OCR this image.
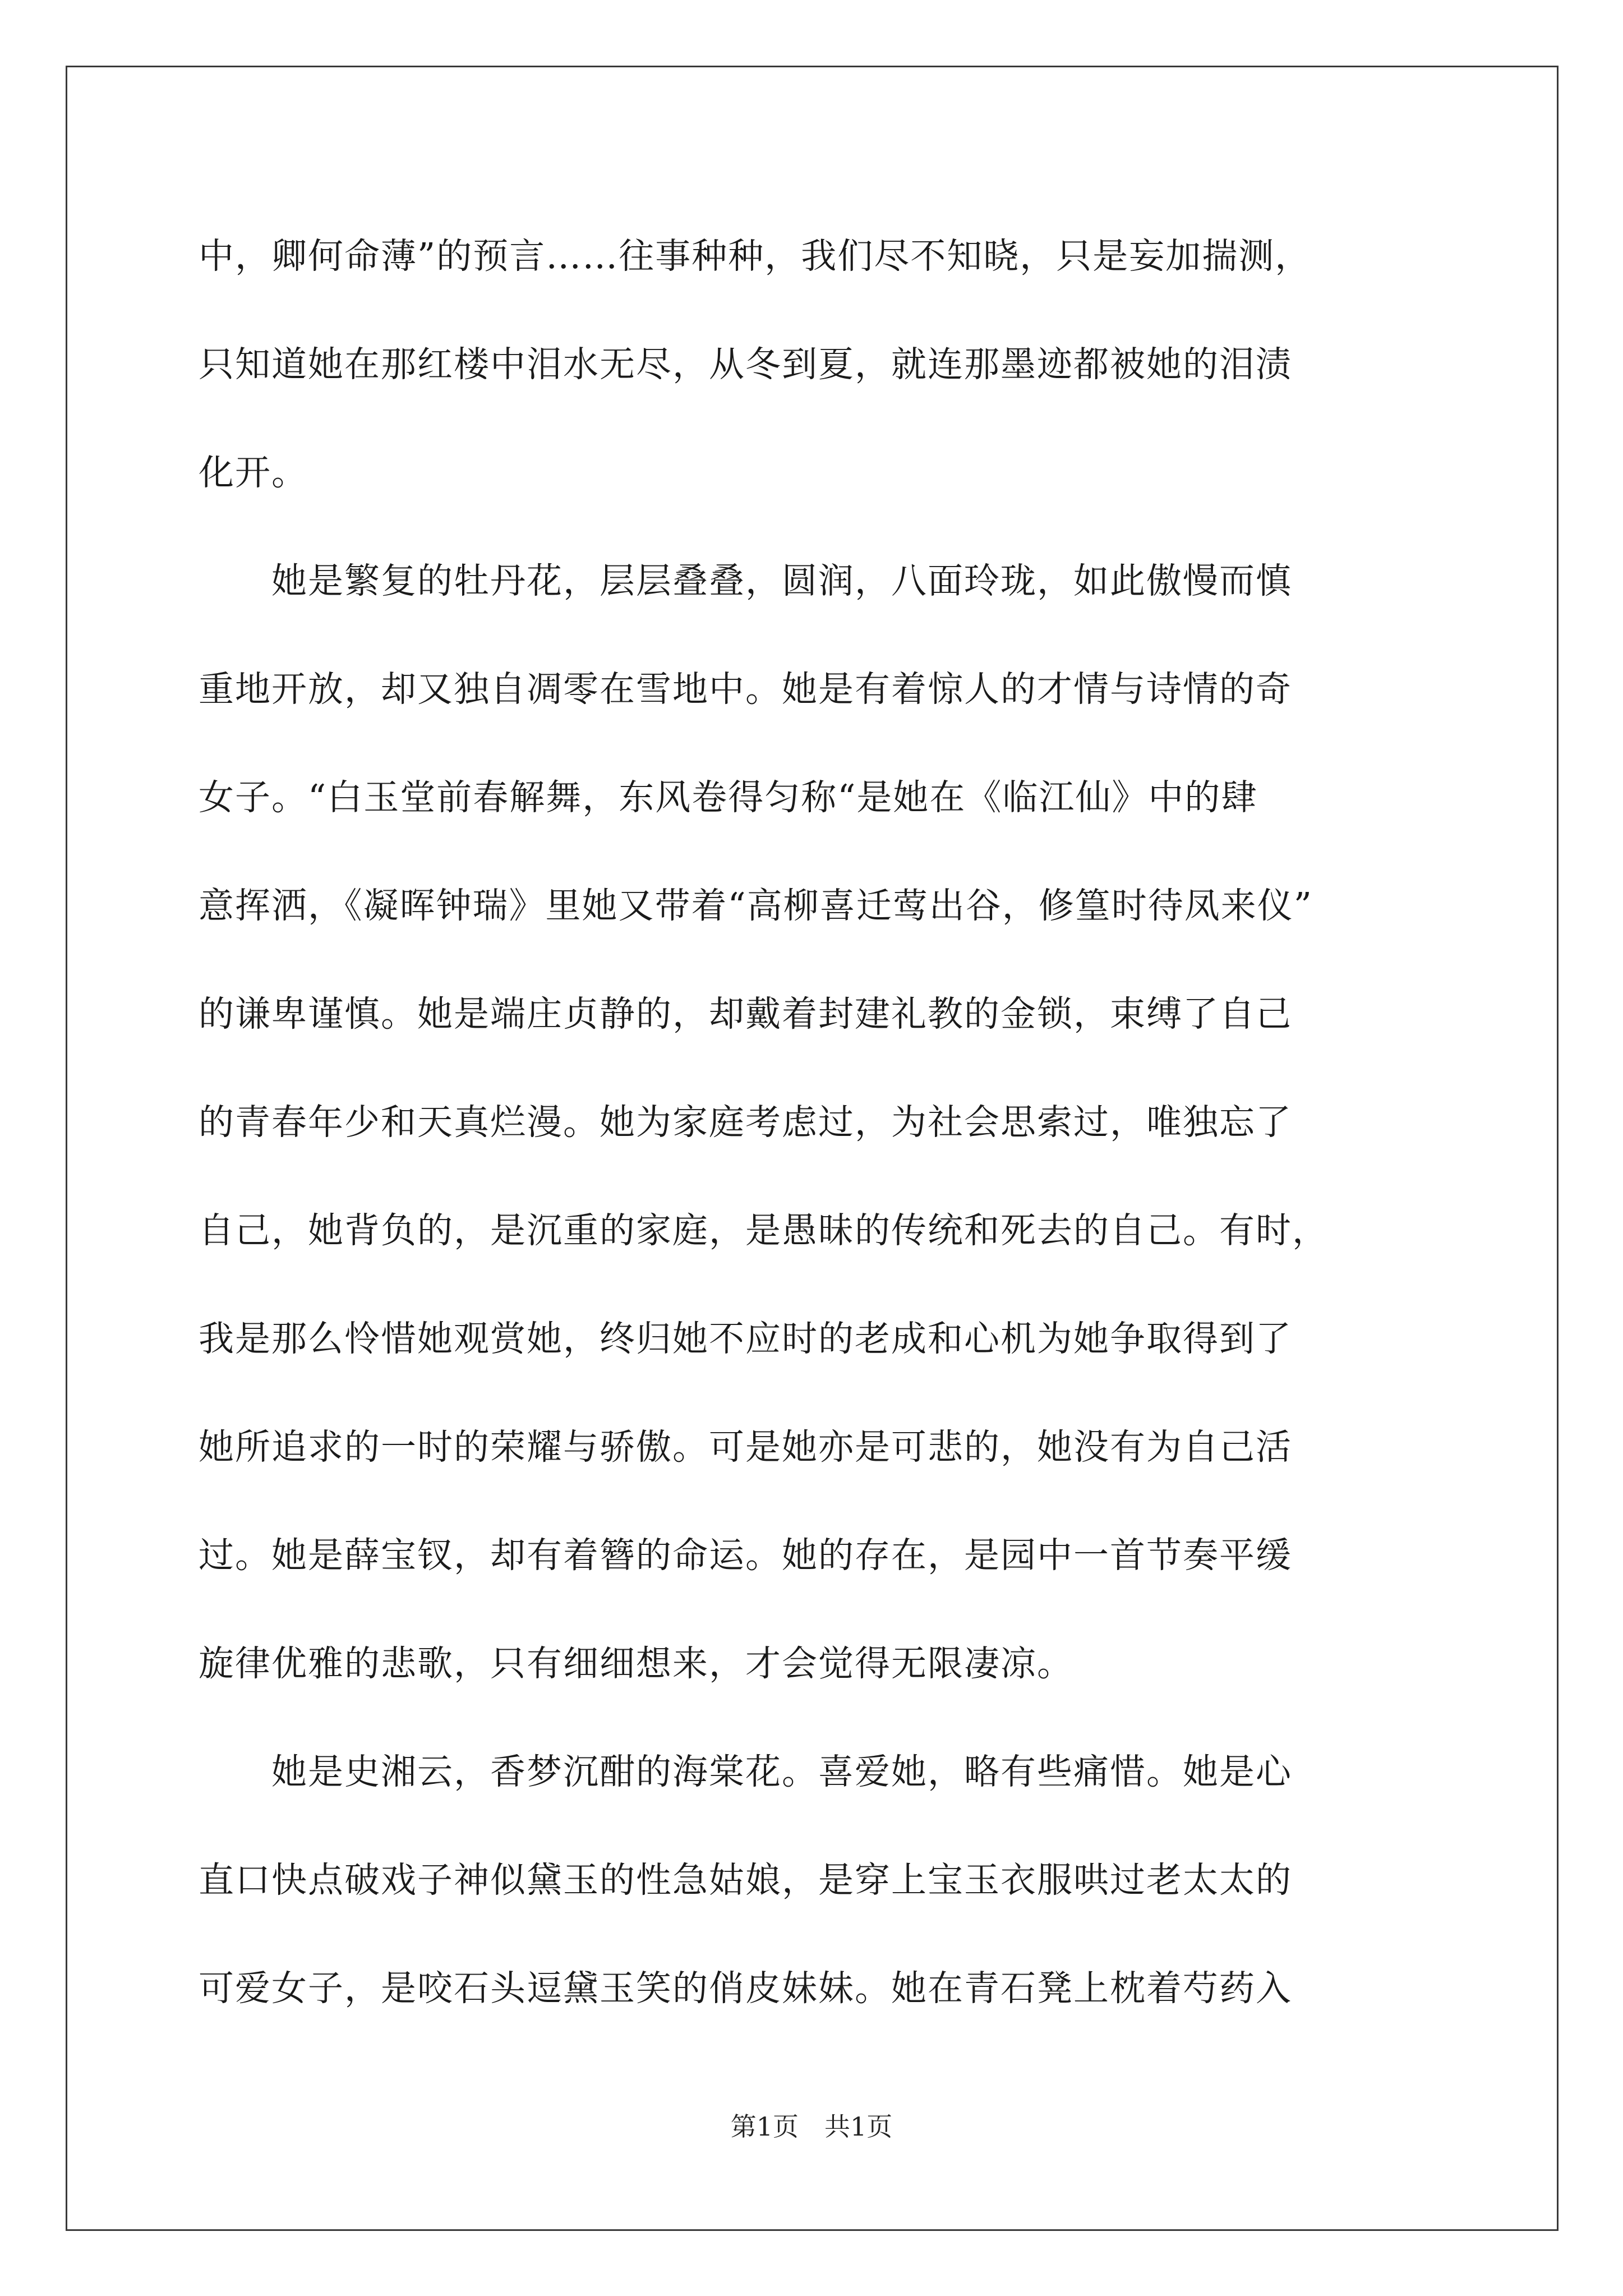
中，卿何命薄”的预言……往事种种，我们尽不知晓，只是妄加揣测，
只知道她在那红楼中泪水无尽，从冬到夏，就连那墨迹都被她的泪渍
化开。
　　她是繁复的牡丹花，层层叠叠，圆润，八面玲珑，如此傲慢而慎
重地开放，却又独自凋零在雪地中。她是有着惊人的才情与诗情的奇
女子。“白玉堂前春解舞，东风卷得匀称“是她在《临江仙》中的肆
意挥洒，《凝晖钟瑞》里她又带着“高柳喜迁莺出谷，修篁时待凤来仪”
的谦卑谨慎。她是端庄贞静的，却戴着封建礼教的金锁，束缚了自己
的青春年少和天真烂漫。她为家庭考虑过，为社会思索过，唯独忘了
自己，她背负的，是沉重的家庭，是愚昧的传统和死去的自己。有时，
我是那么怜惜她观赏她，终归她不应时的老成和心机为她争取得到了
她所追求的一时的荣耀与骄傲。可是她亦是可悲的，她没有为自己活
过。她是薛宝钗，却有着簪的命运。她的存在，是园中一首节奏平缓
旋律优雅的悲歌，只有细细想来，才会觉得无限凄凉。
　　她是史湘云，香梦沉酣的海棠花。喜爱她，略有些痛惜。她是心
直口快点破戏子神似黛玉的性急姑娘，是穿上宝玉衣服哄过老太太的
可爱女子，是咬石头逗黛玉笑的俏皮妹妹。她在青石凳上枕着芍药入
第1页　共1页
